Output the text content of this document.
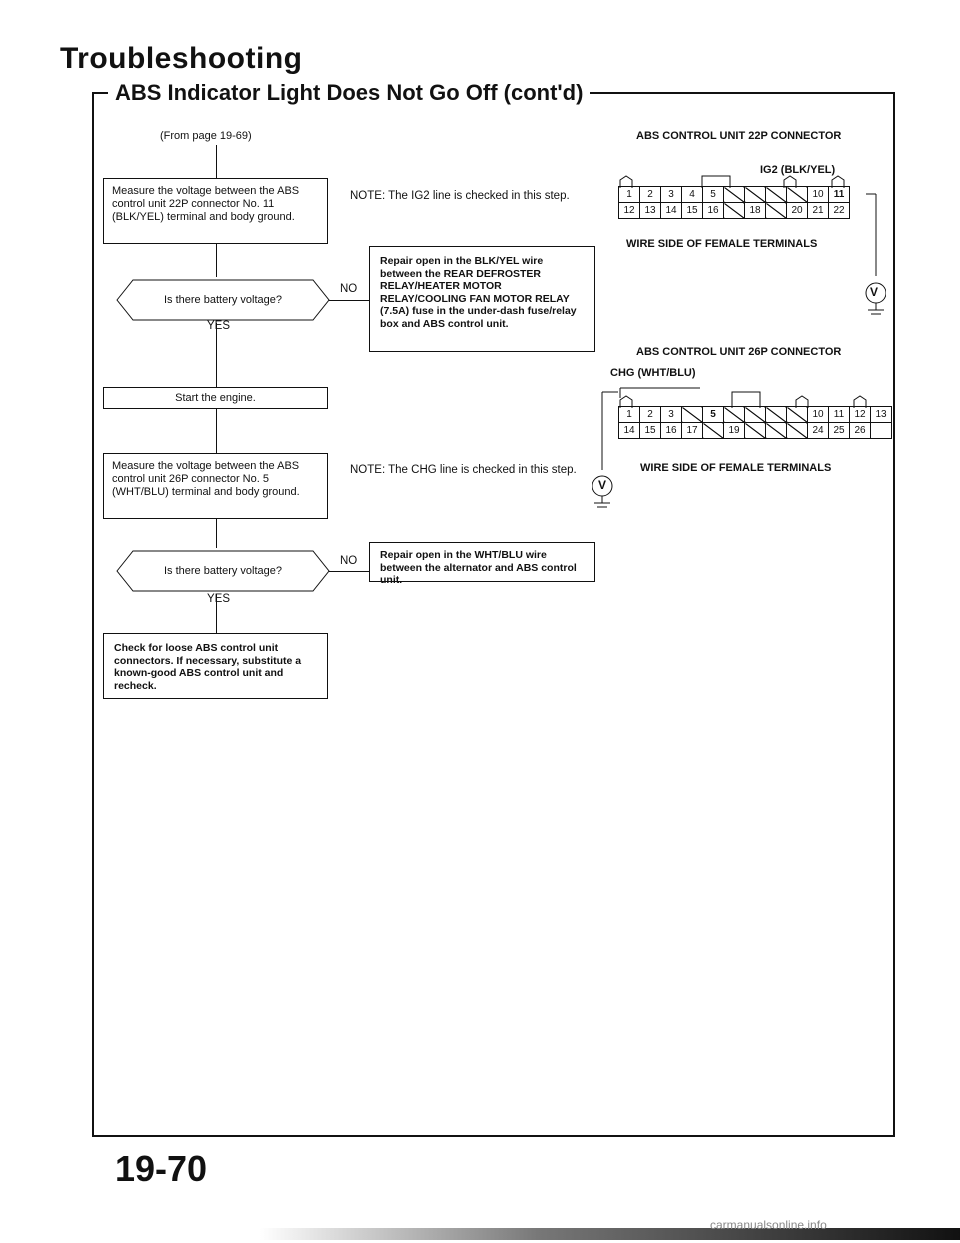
Troubleshooting
ABS Indicator Light Does Not Go Off (cont'd)
(From page 19-69)
Measure the voltage between the ABS control unit 22P connector No. 11 (BLK/YEL) terminal and body ground.
NOTE: The IG2 line is checked in this step.
Is there battery voltage?
NO
Repair open in the BLK/YEL wire between the REAR DEFROSTER RELAY/HEATER MOTOR RELAY/COOLING FAN MOTOR RELAY (7.5A) fuse in the under-dash fuse/relay box and ABS control unit.
YES
Start the engine.
Measure the voltage between the ABS control unit 26P connector No. 5 (WHT/BLU) terminal and body ground.
NOTE: The CHG line is checked in this step.
Is there battery voltage?
NO	Repair open in the WHT/BLU wire between the alternator and ABS control unit.
YES
Check for loose ABS control unit connectors. If necessary, substitute a known-good ABS control unit and recheck.
ABS CONTROL UNIT 22P CONNECTOR
IG2 (BLK/YEL)
1	2	3	4	5					10	11
12	13	14	15	16		18		20	21	22
WIRE SIDE OF FEMALE TERMINALS
V
ABS CONTROL UNIT 26P CONNECTOR
CHG (WHT/BLU)
1	2	3		5					10	11	12	13
14	15	16	17		19				24	25	26	
WIRE SIDE OF FEMALE TERMINALS
V
19-70
carmanualsonline.info
